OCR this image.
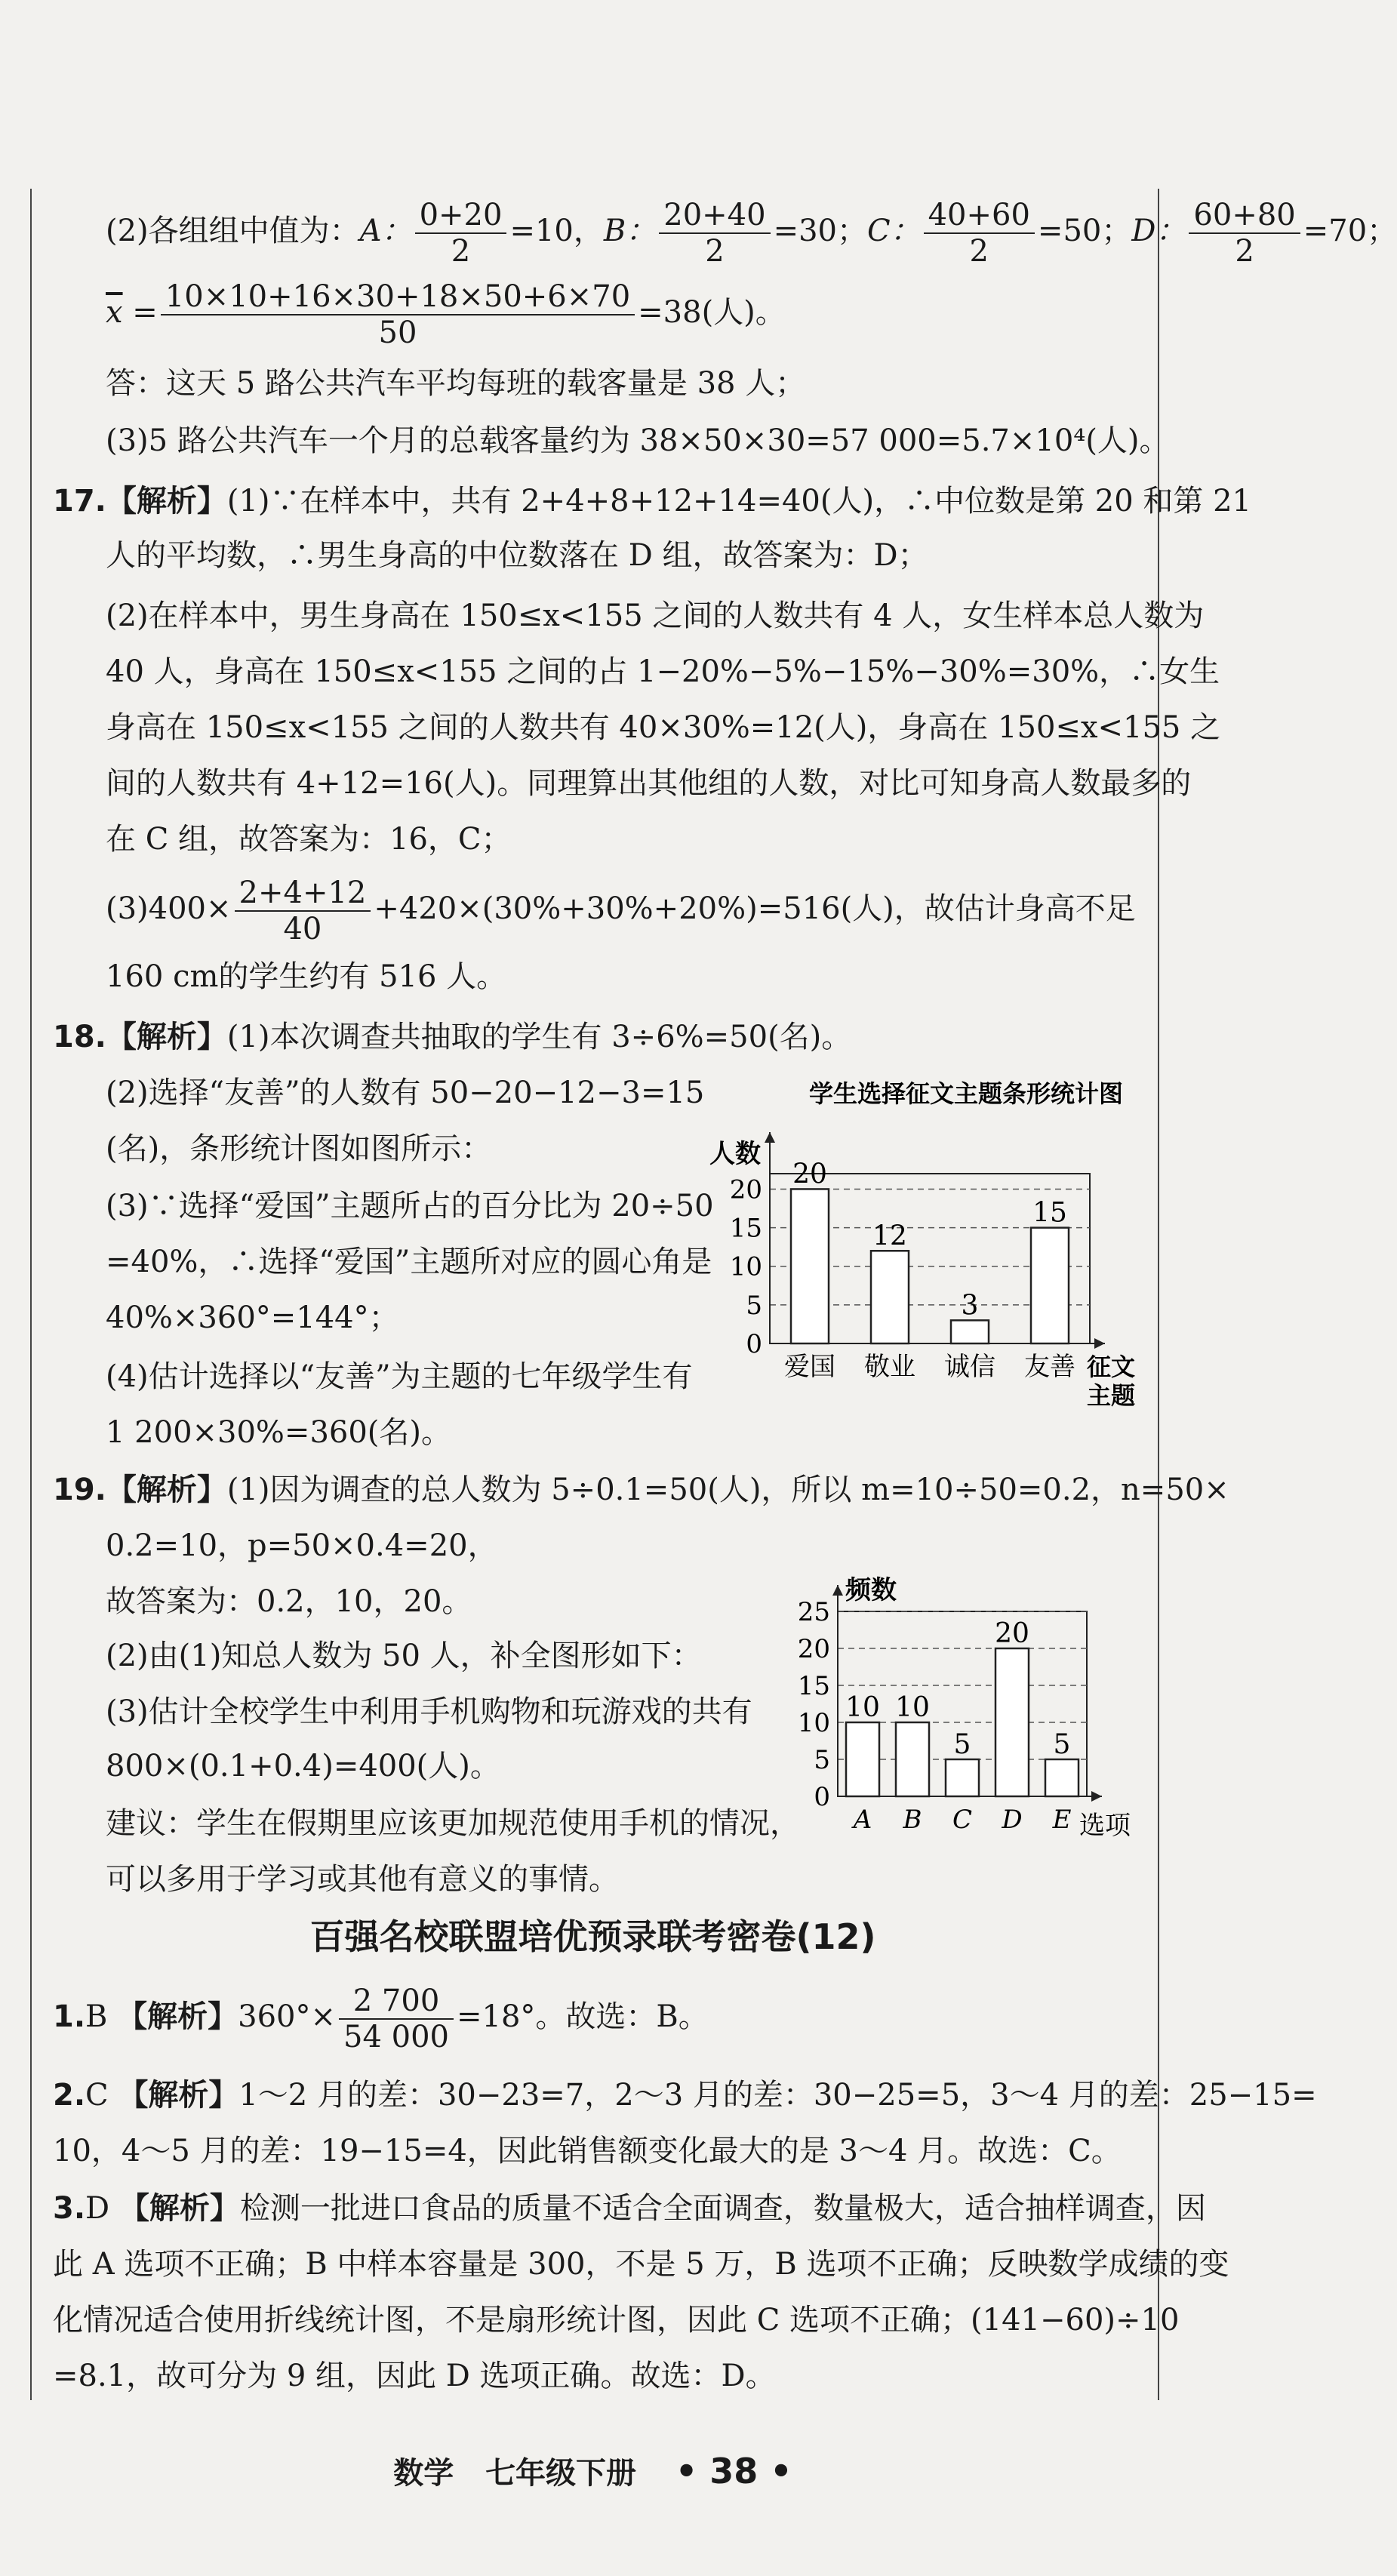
(2)各组组中值为：A： $\frac{0+20}{2} =10$，B： $\frac{20+40}{2} =30$；C： $\frac{40+60}{2} =50$；D： $\frac{60+80}{2} =70$；
$\overline{x} = \frac{10\times 10+16\times 30+18\times 50+6\times 70}{50} =38$(人)。
答：这天 5 路公共汽车平均每班的载客量是 38 人；
(3)5 路公共汽车一个月的总载客量约为 38×50×30=57 000=5.7×10⁴(人)。
17.【解析】(1)∵在样本中，共有 2+4+8+12+14=40(人)，∴中位数是第 20 和第 21
人的平均数，∴男生身高的中位数落在 D 组，故答案为：D；
(2)在样本中，男生身高在 150≤x<155 之间的人数共有 4 人，女生样本总人数为
40 人，身高在 150≤x<155 之间的占 1−20%−5%−15%−30%=30%，∴女生
身高在 150≤x<155 之间的人数共有 40×30%=12(人)，身高在 150≤x<155 之
间的人数共有 4+12=16(人)。同理算出其他组的人数，对比可知身高人数最多的
在 C 组，故答案为：16，C；
$(3)400\times \frac{2+4+12}{40} +420\times(30\%+30\%+20\%)=516$(人)，故估计身高不足
160 cm的学生约有 516 人。
18.【解析】(1)本次调查共抽取的学生有 3÷6%=50(名)。
(2)选择“友善”的人数有 50−20−12−3=15
(名)，条形统计图如图所示：
(3)∵选择“爱国”主题所占的百分比为 20÷50
=40%，∴选择“爱国”主题所对应的圆心角是
40%×360°=144°；
(4)估计选择以“友善”为主题的七年级学生有
1 200×30%=360(名)。
学生选择征文主题条形统计图
0
5
10
15
20
人数
20
爱国
12
敬业
3
诚信
15
友善 征文
主题
19.【解析】(1)因为调查的总人数为 5÷0.1=50(人)，所以 m=10÷50=0.2，n=50×
0.2=10，p=50×0.4=20，
故答案为：0.2，10，20。
(2)由(1)知总人数为 50 人，补全图形如下：
(3)估计全校学生中利用手机购物和玩游戏的共有
800×(0.1+0.4)=400(人)。
建议：学生在假期里应该更加规范使用手机的情况，
可以多用于学习或其他有意义的事情。
0
5
10
15
20
25
频数
10
A
10
B
5
C
20
D
5
E 选项
百强名校联盟培优预录联考密卷(12)
1.B 【解析】$360^\circ\times \frac{2 700}{54 000} =18^\circ$。故选：B。
2.C 【解析】1～2 月的差：30−23=7，2～3 月的差：30−25=5，3～4 月的差：25−15=
10，4～5 月的差：19−15=4，因此销售额变化最大的是 3～4 月。故选：C。
3.D 【解析】检测一批进口食品的质量不适合全面调查，数量极大，适合抽样调查，因
此 A 选项不正确；B 中样本容量是 300，不是 5 万，B 选项不正确；反映数学成绩的变
化情况适合使用折线统计图，不是扇形统计图，因此 C 选项不正确；(141−60)÷10
=8.1，故可分为 9 组，因此 D 选项正确。故选：D。
数学 七年级下册 • 38 •
